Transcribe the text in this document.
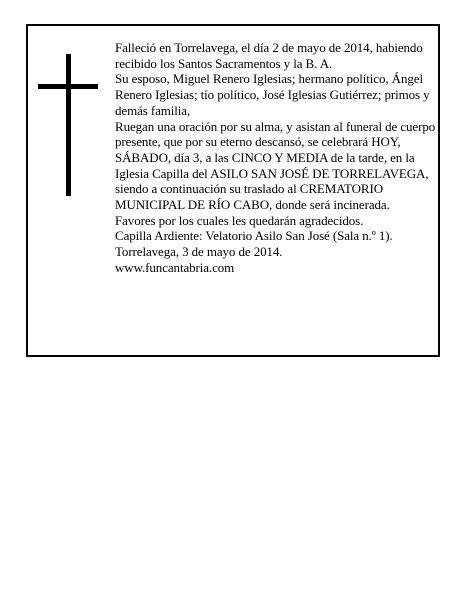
Falleció en Torrelavega, el día 2 de mayo de 2014, habiendo recibido los Santos Sacramentos y la B. A.

Su esposo, Miguel Renero Iglesias; hermano político, Ángel Renero Iglesias; tío político, José Iglesias Gutiérrez; primos y demás familia,

Ruegan una oración por su alma, y asistan al funeral de cuerpo presente, que por su eterno descansó, se celebrará HOY, SÁBADO, día 3, a las CINCO Y MEDIA de la tarde, en la Iglesia Capilla del ASILO SAN JOSÉ DE TORRELAVEGA, siendo a continuación su traslado al CREMATORIO MUNICIPAL DE RÍO CABO, donde será incinerada.

Favores por los cuales les quedarán agradecidos.

Capilla Ardiente: Velatorio Asilo San José (Sala n.º 1).

Torrelavega, 3 de mayo de 2014.

www.funcantabria.com
